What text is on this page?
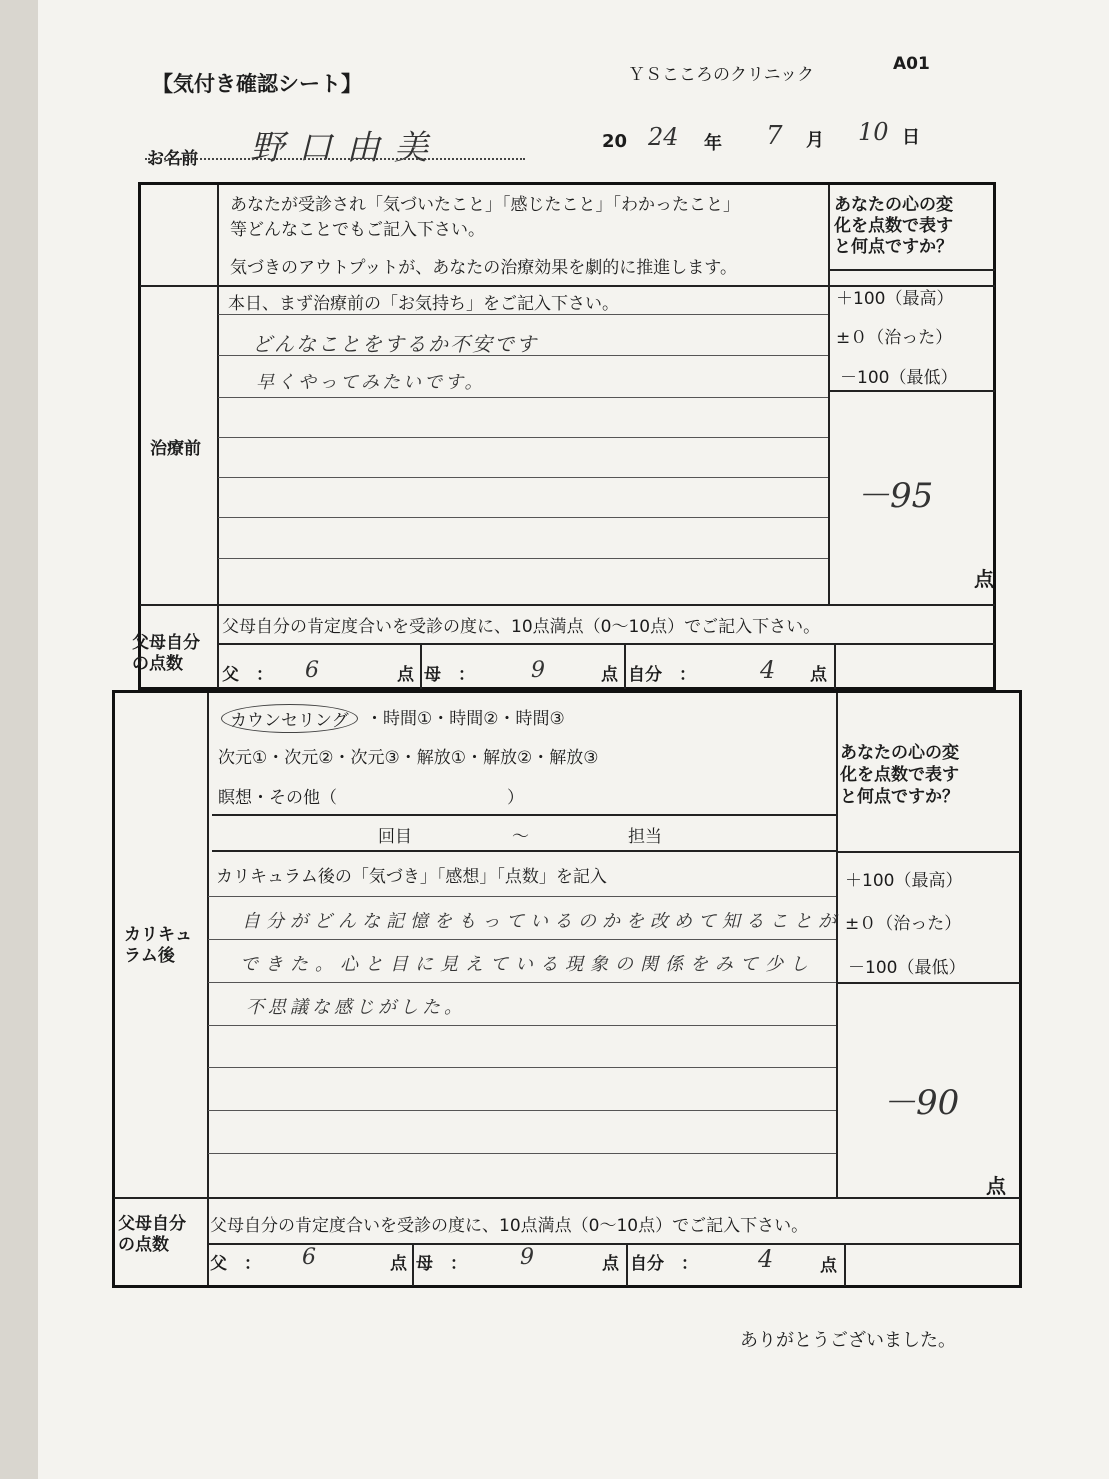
【気付き確認シート】	ＹＳこころのクリニック
A01
お名前 野口由美	20 24 年 7 月 10 日
あなたが受診され「気づいたこと」「感じたこと」「わかったこと」
等どんなことでもご記入下さい。
気づきのアウトプットが、あなたの治療効果を劇的に推進します。
あなたの心の変
化を点数で表す
と何点ですか？
治療前
本日、まず治療前の「お気持ち」をご記入下さい。
どんなことをするか不安です
早くやってみたいです。
＋100（最高）
±０（治った）
－100（最低）
－95
点
父母自分
の点数
父母自分の肯定度合いを受診の度に、10点満点（0～10点）でご記入下さい。
父　： 6	点 母　：	9	点 自分　：	4 点
カリキュ
ラム後
カウンセリング	・時間①・時間②・時間③
次元①・次元②・次元③・解放①・解放②・解放③
瞑想・その他（　　　　　　　　　　）
回目	～	担当
あなたの心の変
化を点数で表す
と何点ですか？
カリキュラム後の「気づき」「感想」「点数」を記入
自分がどんな記憶をもっているのかを改めて知ることが
できた。心と目に見えている現象の関係をみて少し
不思議な感じがした。
＋100（最高）
±０（治った）
－100（最低）
－90
点
父母自分
の点数
父母自分の肯定度合いを受診の度に、10点満点（0～10点）でご記入下さい。
父　： 6	点 母　： 9	点 自分　：	4	点
ありがとうございました。
